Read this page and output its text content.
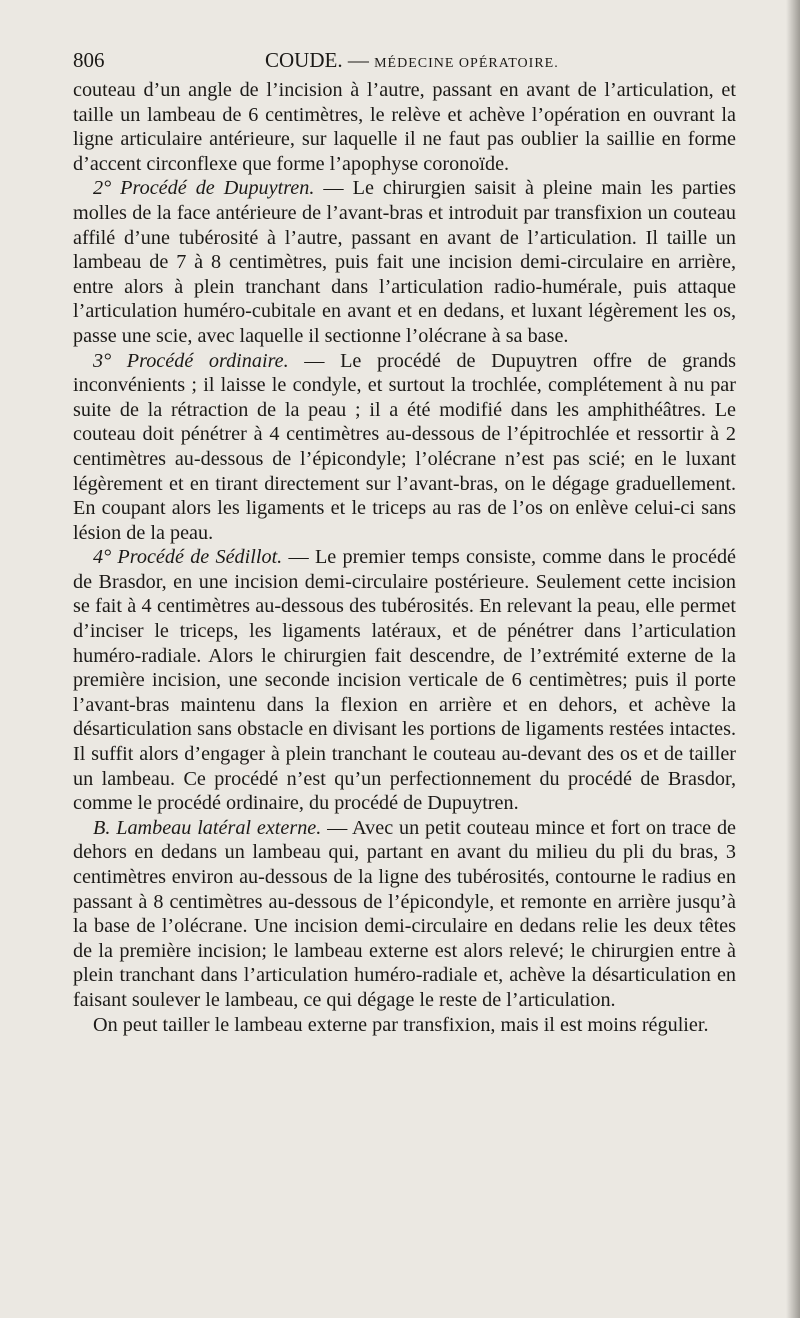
806	COUDE. — MÉDECINE OPÉRATOIRE.

couteau d’un angle de l’incision à l’autre, passant en avant de l’articulation, et taille un lambeau de 6 centimètres, le relève et achève l’opération en ouvrant la ligne articulaire antérieure, sur laquelle il ne faut pas oublier la saillie en forme d’accent circonflexe que forme l’apophyse coronoïde.

2° Procédé de Dupuytren. — Le chirurgien saisit à pleine main les parties molles de la face antérieure de l’avant-bras et introduit par transfixion un couteau affilé d’une tubérosité à l’autre, passant en avant de l’articulation. Il taille un lambeau de 7 à 8 centimètres, puis fait une incision demi-circulaire en arrière, entre alors à plein tranchant dans l’articulation radio-humérale, puis attaque l’articulation huméro-cubitale en avant et en dedans, et luxant légèrement les os, passe une scie, avec laquelle il sectionne l’olécrane à sa base.

3° Procédé ordinaire. — Le procédé de Dupuytren offre de grands inconvénients ; il laisse le condyle, et surtout la trochlée, complétement à nu par suite de la rétraction de la peau ; il a été modifié dans les amphithéâtres. Le couteau doit pénétrer à 4 centimètres au-dessous de l’épitrochlée et ressortir à 2 centimètres au-dessous de l’épicondyle; l’olécrane n’est pas scié; en le luxant légèrement et en tirant directement sur l’avant-bras, on le dégage graduellement. En coupant alors les ligaments et le triceps au ras de l’os on enlève celui-ci sans lésion de la peau.

4° Procédé de Sédillot. — Le premier temps consiste, comme dans le procédé de Brasdor, en une incision demi-circulaire postérieure. Seulement cette incision se fait à 4 centimètres au-dessous des tubérosités. En relevant la peau, elle permet d’inciser le triceps, les ligaments latéraux, et de pénétrer dans l’articulation huméro-radiale. Alors le chirurgien fait descendre, de l’extrémité externe de la première incision, une seconde incision verticale de 6 centimètres; puis il porte l’avant-bras maintenu dans la flexion en arrière et en dehors, et achève la désarticulation sans obstacle en divisant les portions de ligaments restées intactes. Il suffit alors d’engager à plein tranchant le couteau au-devant des os et de tailler un lambeau. Ce procédé n’est qu’un perfectionnement du procédé de Brasdor, comme le procédé ordinaire, du procédé de Dupuytren.

B. Lambeau latéral externe. — Avec un petit couteau mince et fort on trace de dehors en dedans un lambeau qui, partant en avant du milieu du pli du bras, 3 centimètres environ au-dessous de la ligne des tubérosités, contourne le radius en passant à 8 centimètres au-dessous de l’épicondyle, et remonte en arrière jusqu’à la base de l’olécrane. Une incision demi-circulaire en dedans relie les deux têtes de la première incision; le lambeau externe est alors relevé; le chirurgien entre à plein tranchant dans l’articulation huméro-radiale et, achève la désarticulation en faisant soulever le lambeau, ce qui dégage le reste de l’articulation.

On peut tailler le lambeau externe par transfixion, mais il est moins régulier.
